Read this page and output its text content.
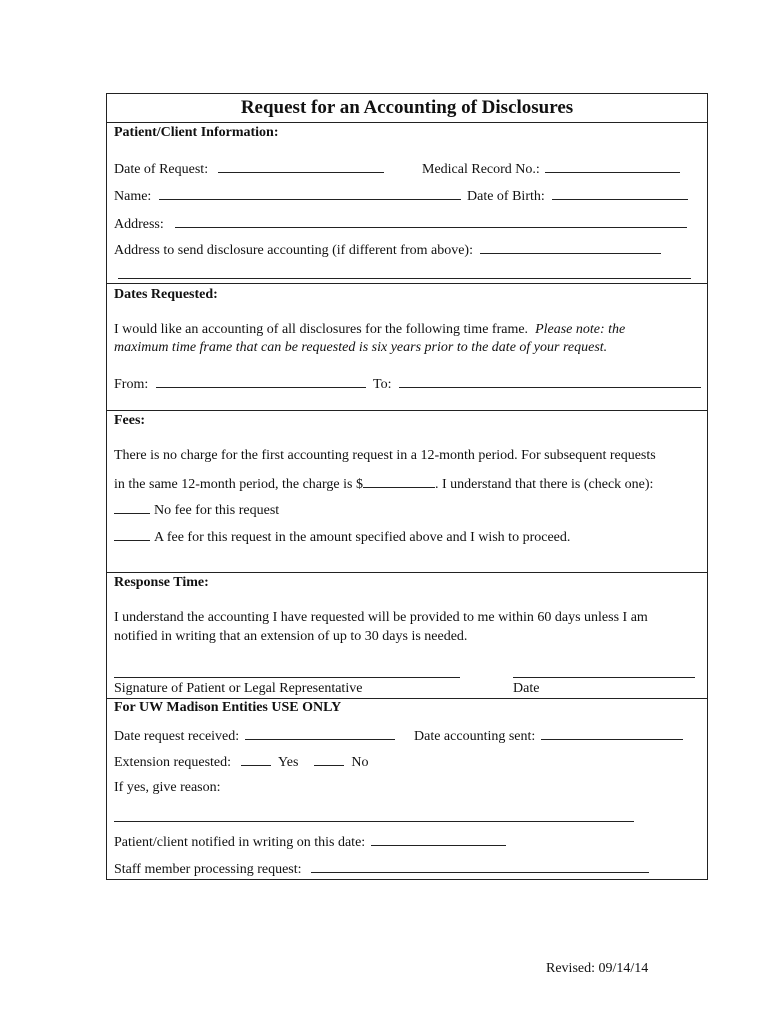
Request for an Accounting of Disclosures
Patient/Client Information:
Date of Request:	Medical Record No.:
Name:	Date of Birth:
Address:
Address to send disclosure accounting (if different from above):
Dates Requested:
I would like an accounting of all disclosures for the following time frame. Please note: the
maximum time frame that can be requested is six years prior to the date of your request.
From:	To:
Fees:
There is no charge for the first accounting request in a 12-month period. For subsequent requests
in the same 12-month period, the charge is $	. I understand that there is (check one):
No fee for this request
A fee for this request in the amount specified above and I wish to proceed.
Response Time:
I understand the accounting I have requested will be provided to me within 60 days unless I am
notified in writing that an extension of up to 30 days is needed.
Signature of Patient or Legal Representative	Date
For UW Madison Entities USE ONLY
Date request received:	Date accounting sent:
Extension requested:	Yes	No
If yes, give reason:
Patient/client notified in writing on this date:
Staff member processing request:
Revised: 09/14/14
